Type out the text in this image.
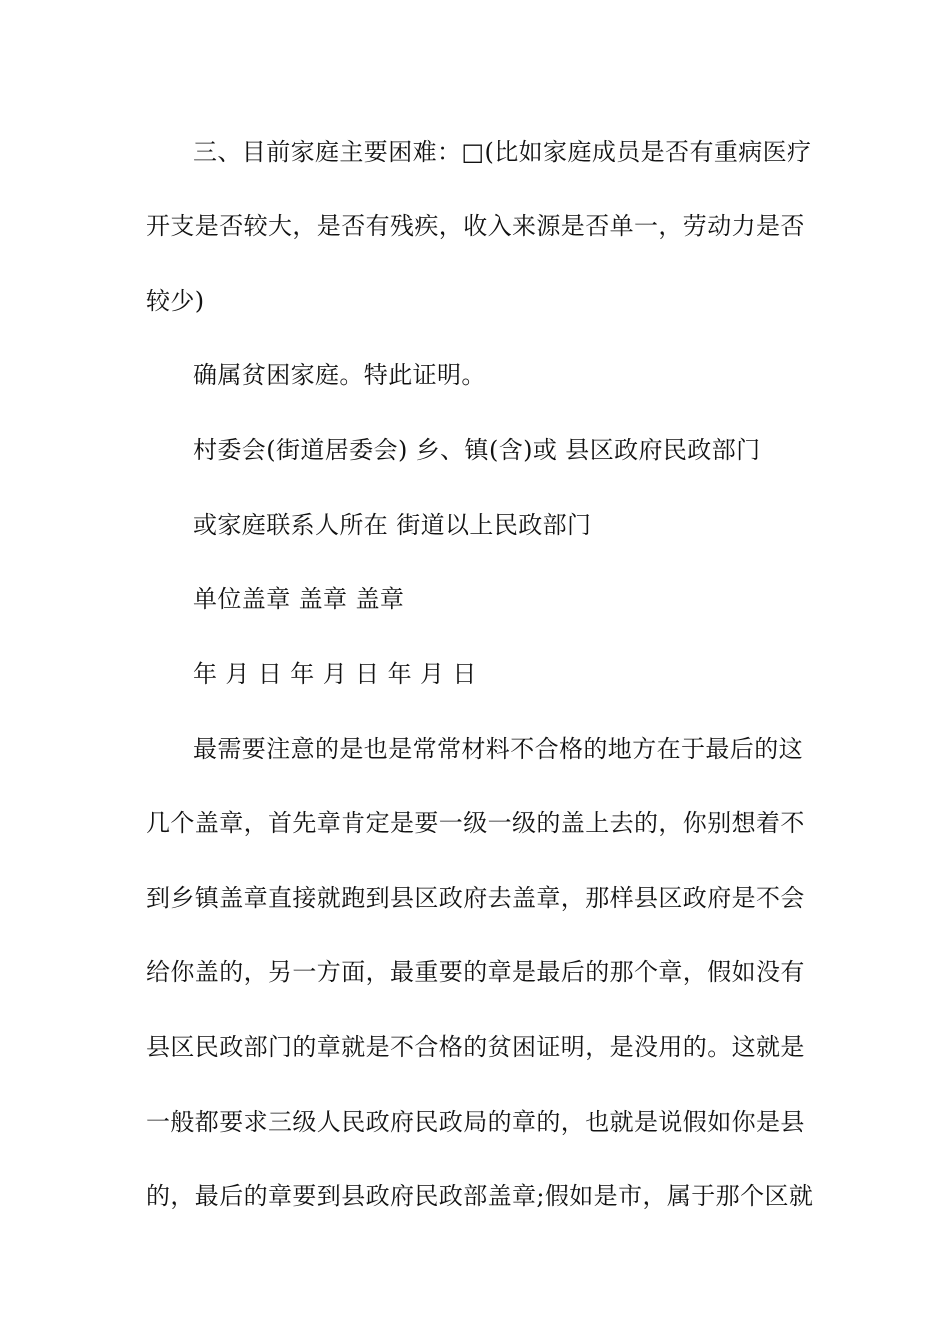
三、目前家庭主要困难：□(比如家庭成员是否有重病医疗
开支是否较大，是否有残疾，收入来源是否单一，劳动力是否
较少)
确属贫困家庭。特此证明。
村委会(街道居委会) 乡、镇(含)或 县区政府民政部门
或家庭联系人所在 街道以上民政部门
单位盖章 盖章 盖章
年 月 日 年 月 日 年 月 日
最需要注意的是也是常常材料不合格的地方在于最后的这
几个盖章，首先章肯定是要一级一级的盖上去的，你别想着不
到乡镇盖章直接就跑到县区政府去盖章，那样县区政府是不会
给你盖的，另一方面，最重要的章是最后的那个章，假如没有
县区民政部门的章就是不合格的贫困证明，是没用的。这就是
一般都要求三级人民政府民政局的章的，也就是说假如你是县
的，最后的章要到县政府民政部盖章;假如是市，属于那个区就
